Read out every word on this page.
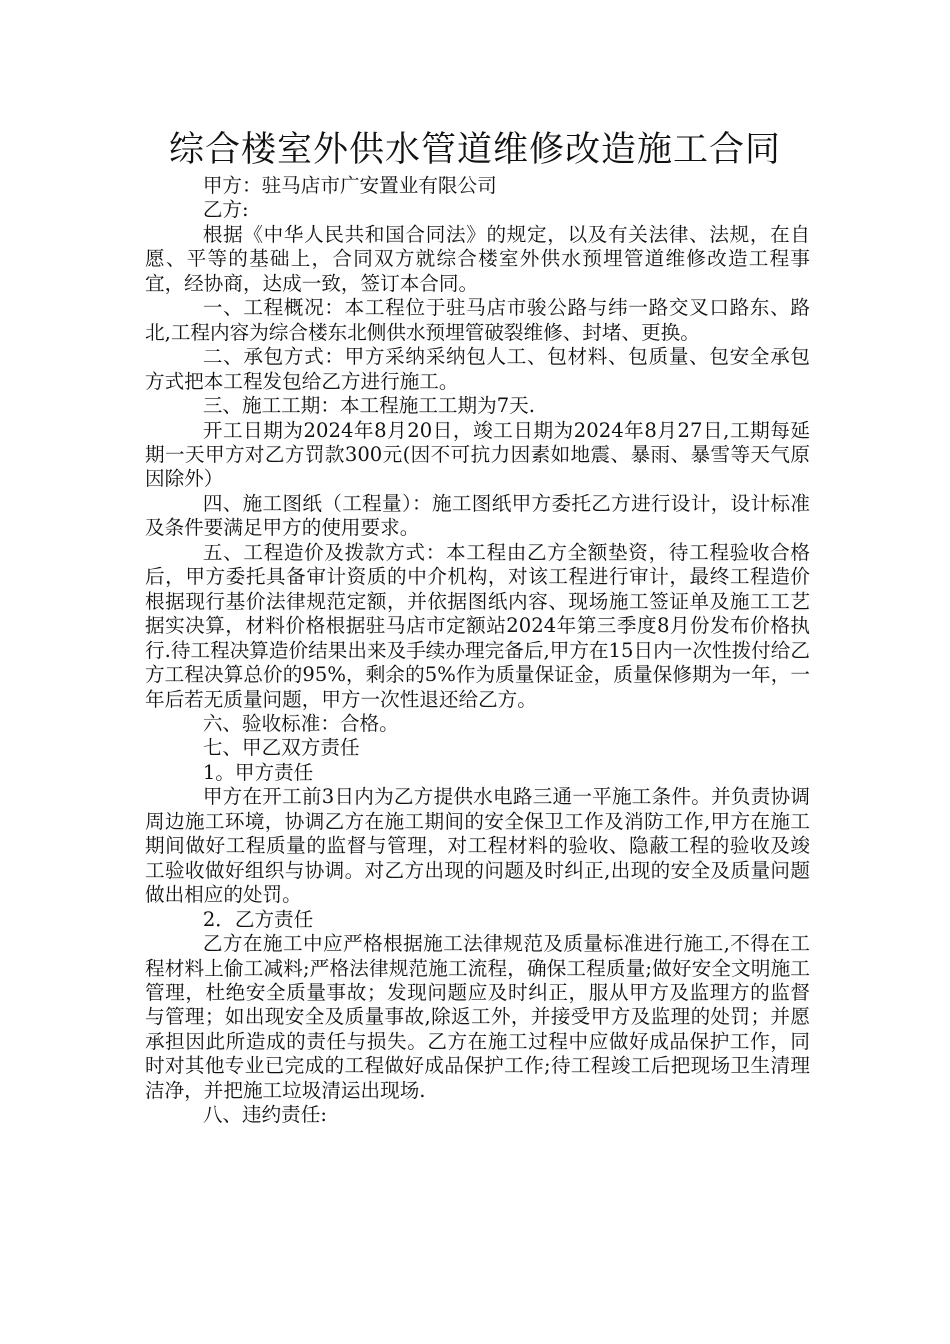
综合楼室外供水管道维修改造施工合同

甲方：驻马店市广安置业有限公司

乙方:

根据《中华人民共和国合同法》的规定，以及有关法律、法规，在自愿、平等的基础上，合同双方就综合楼室外供水预埋管道维修改造工程事宜，经协商，达成一致，签订本合同。

一、工程概况：本工程位于驻马店市骏公路与纬一路交叉口路东、路北,工程内容为综合楼东北侧供水预埋管破裂维修、封堵、更换。

二、承包方式：甲方采纳采纳包人工、包材料、包质量、包安全承包方式把本工程发包给乙方进行施工。

三、施工工期：本工程施工工期为7天.

开工日期为2024年8月20日，竣工日期为2024年8月27日,工期每延期一天甲方对乙方罚款300元(因不可抗力因素如地震、暴雨、暴雪等天气原因除外）

四、施工图纸（工程量）：施工图纸甲方委托乙方进行设计，设计标准及条件要满足甲方的使用要求。

五、工程造价及拨款方式：本工程由乙方全额垫资，待工程验收合格后，甲方委托具备审计资质的中介机构，对该工程进行审计，最终工程造价根据现行基价法律规范定额，并依据图纸内容、现场施工签证单及施工工艺据实决算，材料价格根据驻马店市定额站2024年第三季度8月份发布价格执行.待工程决算造价结果出来及手续办理完备后,甲方在15日内一次性拨付给乙方工程决算总价的95%，剩余的5%作为质量保证金，质量保修期为一年，一年后若无质量问题，甲方一次性退还给乙方。

六、验收标准：合格。

七、甲乙双方责任

1。甲方责任

甲方在开工前3日内为乙方提供水电路三通一平施工条件。并负责协调周边施工环境，协调乙方在施工期间的安全保卫工作及消防工作,甲方在施工期间做好工程质量的监督与管理，对工程材料的验收、隐蔽工程的验收及竣工验收做好组织与协调。对乙方出现的问题及时纠正,出现的安全及质量问题做出相应的处罚。

2．乙方责任

乙方在施工中应严格根据施工法律规范及质量标准进行施工,不得在工程材料上偷工减料;严格法律规范施工流程，确保工程质量;做好安全文明施工管理，杜绝安全质量事故；发现问题应及时纠正，服从甲方及监理方的监督与管理；如出现安全及质量事故,除返工外，并接受甲方及监理的处罚；并愿承担因此所造成的责任与损失。乙方在施工过程中应做好成品保护工作，同时对其他专业已完成的工程做好成品保护工作;待工程竣工后把现场卫生清理洁净，并把施工垃圾清运出现场.

八、违约责任:
